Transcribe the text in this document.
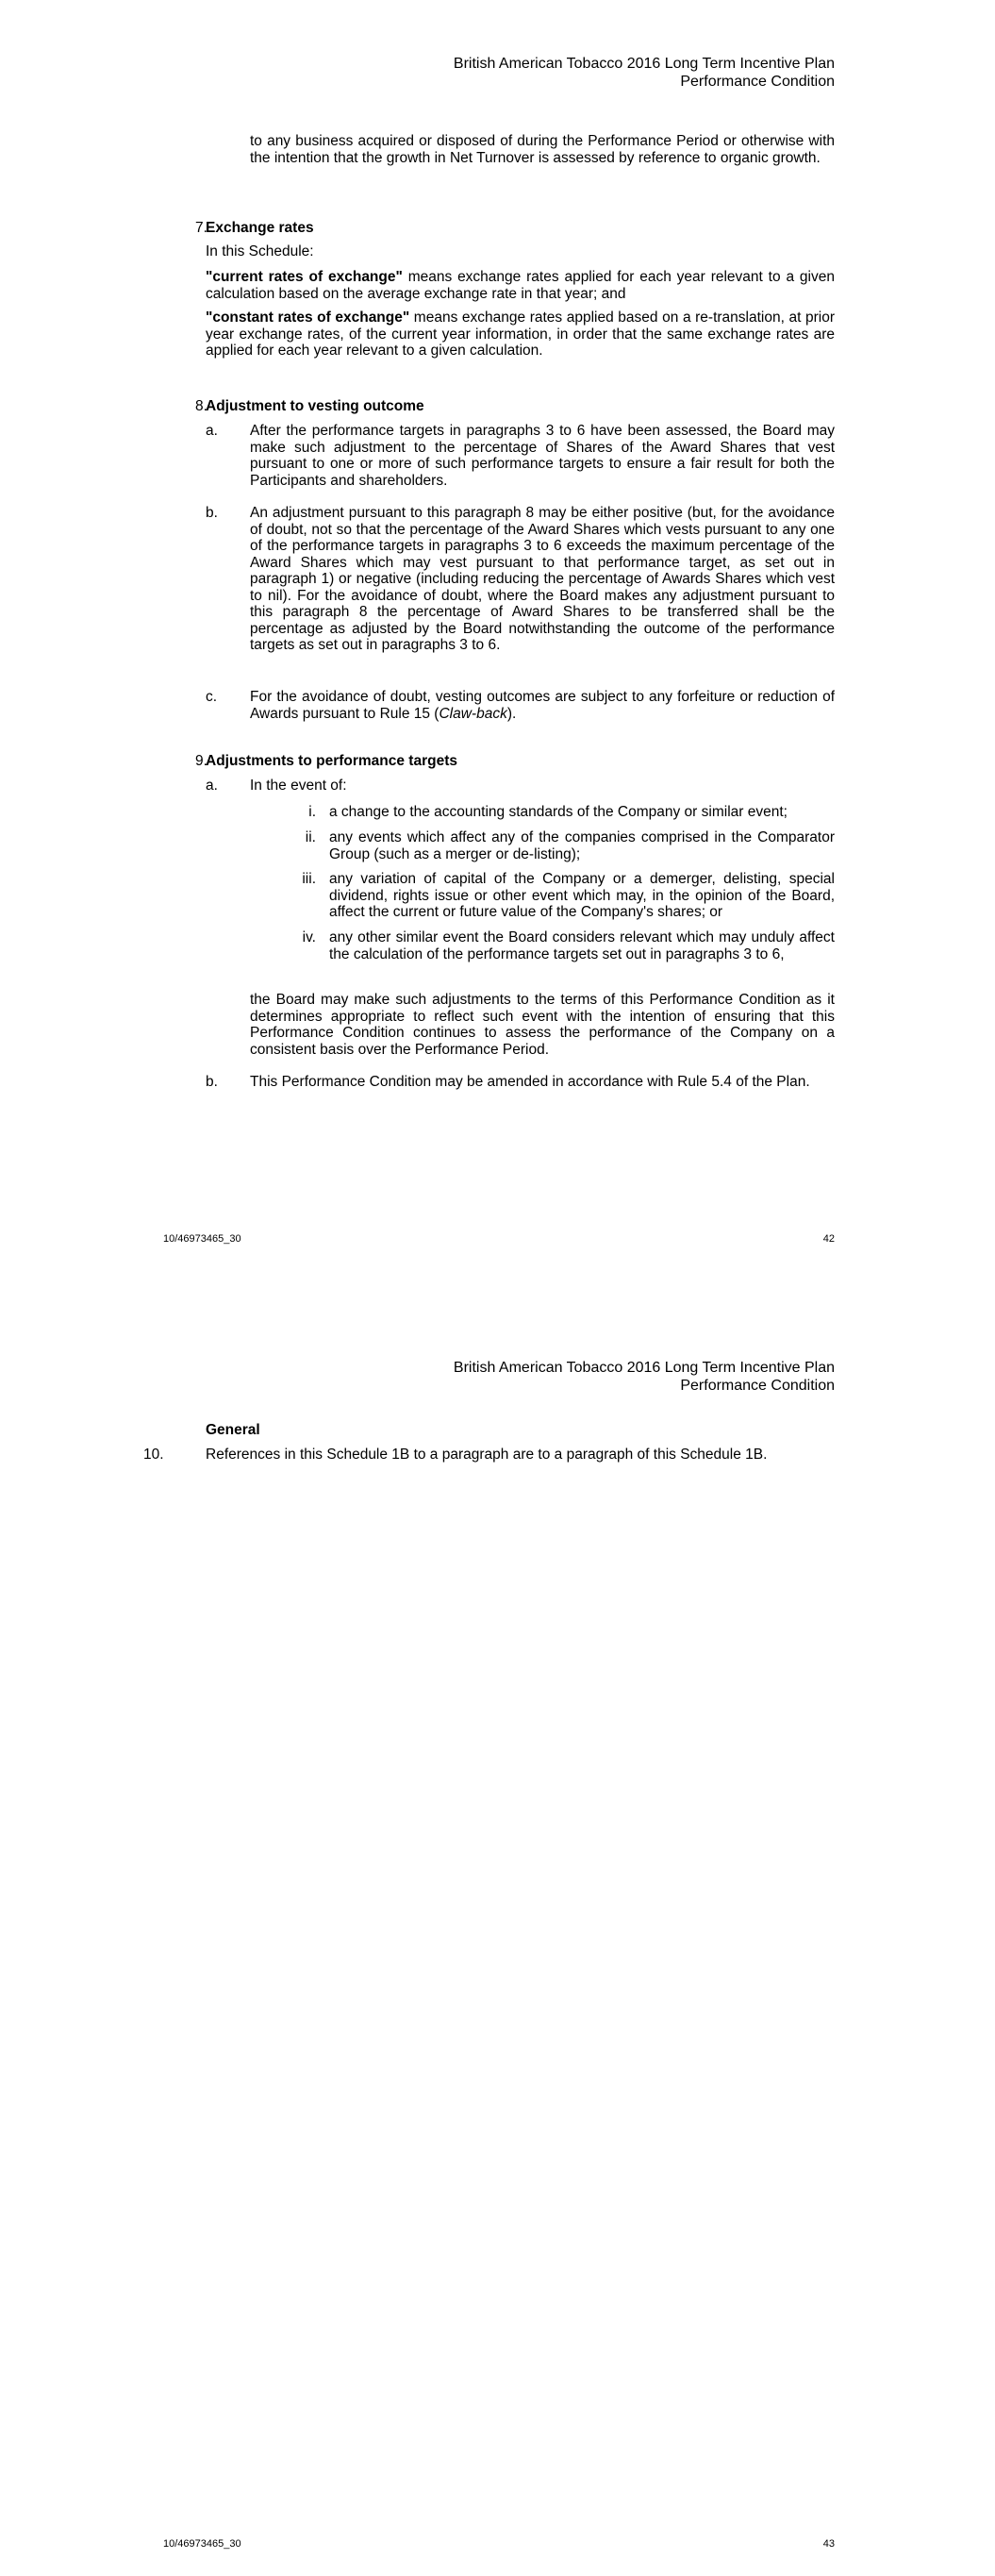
British American Tobacco 2016 Long Term Incentive Plan
Performance Condition

to any business acquired or disposed of during the Performance Period or otherwise with the intention that the growth in Net Turnover is assessed by reference to organic growth.

7.
Exchange rates

In this Schedule:

"current rates of exchange" means exchange rates applied for each year relevant to a given calculation based on the average exchange rate in that year; and

"constant rates of exchange" means exchange rates applied based on a re-translation, at prior year exchange rates, of the current year information, in order that the same exchange rates are applied for each year relevant to a given calculation.

8.
Adjustment to vesting outcome
a. After the performance targets in paragraphs 3 to 6 have been assessed, the Board may make such adjustment to the percentage of Shares of the Award Shares that vest pursuant to one or more of such performance targets to ensure a fair result for both the Participants and shareholders.

b. An adjustment pursuant to this paragraph 8 may be either positive (but, for the avoidance of doubt, not so that the percentage of the Award Shares which vests pursuant to any one of the performance targets in paragraphs 3 to 6 exceeds the maximum percentage of the Award Shares which may vest pursuant to that performance target, as set out in paragraph 1) or negative (including reducing the percentage of Awards Shares which vest to nil). For the avoidance of doubt, where the Board makes any adjustment pursuant to this paragraph 8 the percentage of Award Shares to be transferred shall be the percentage as adjusted by the Board notwithstanding the outcome of the performance targets as set out in paragraphs 3 to 6.

c. For the avoidance of doubt, vesting outcomes are subject to any forfeiture or reduction of Awards pursuant to Rule 15 (Claw-back).

9.
Adjustments to performance targets
a. In the event of:

i. a change to the accounting standards of the Company or similar event;

ii. any events which affect any of the companies comprised in the Comparator Group (such as a merger or de-listing);

iii. any variation of capital of the Company or a demerger, delisting, special dividend, rights issue or other event which may, in the opinion of the Board, affect the current or future value of the Company's shares; or

iv. any other similar event the Board considers relevant which may unduly affect the calculation of the performance targets set out in paragraphs 3 to 6,

the Board may make such adjustments to the terms of this Performance Condition as it determines appropriate to reflect such event with the intention of ensuring that this Performance Condition continues to assess the performance of the Company on a consistent basis over the Performance Period.

b. This Performance Condition may be amended in accordance with Rule 5.4 of the Plan.

10/46973465_30	42
British American Tobacco 2016 Long Term Incentive Plan
Performance Condition
General
10.	References in this Schedule 1B to a paragraph are to a paragraph of this Schedule 1B.

10/46973465_30	43
